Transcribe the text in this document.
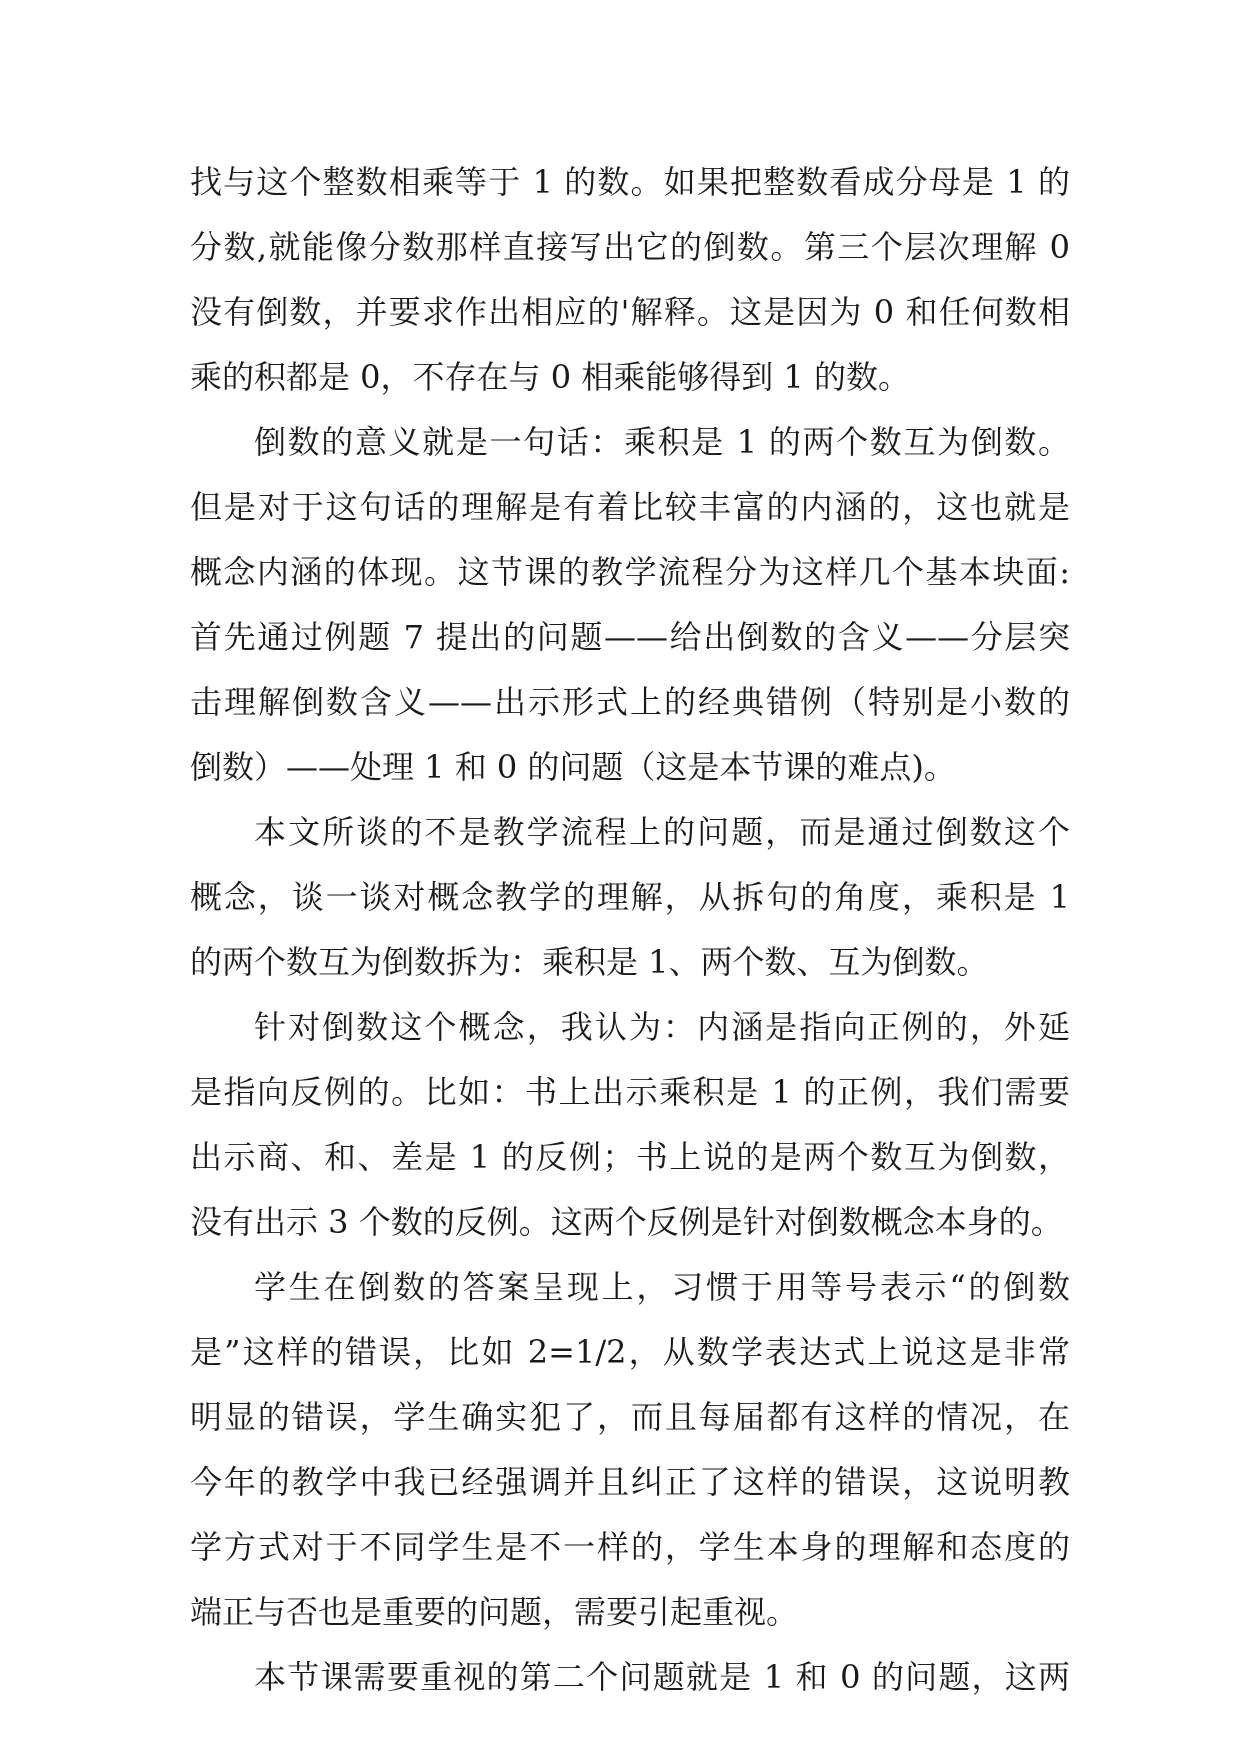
找与这个整数相乘等于 1 的数。如果把整数看成分母是 1 的
分数,就能像分数那样直接写出它的倒数。第三个层次理解 0
没有倒数，并要求作出相应的'解释。这是因为 0 和任何数相
乘的积都是 0，不存在与 0 相乘能够得到 1 的数。
倒数的意义就是一句话：乘积是 1 的两个数互为倒数。
但是对于这句话的理解是有着比较丰富的内涵的，这也就是
概念内涵的体现。这节课的教学流程分为这样几个基本块面:
首先通过例题 7 提出的问题——给出倒数的含义——分层突
击理解倒数含义——出示形式上的经典错例（特别是小数的
倒数）——处理 1 和 0 的问题（这是本节课的难点)。
本文所谈的不是教学流程上的问题，而是通过倒数这个
概念，谈一谈对概念教学的理解，从拆句的角度，乘积是 1
的两个数互为倒数拆为：乘积是 1、两个数、互为倒数。
针对倒数这个概念，我认为：内涵是指向正例的，外延
是指向反例的。比如：书上出示乘积是 1 的正例，我们需要
出示商、和、差是 1 的反例；书上说的是两个数互为倒数，
没有出示 3 个数的反例。这两个反例是针对倒数概念本身的。
学生在倒数的答案呈现上，习惯于用等号表示“的倒数
是”这样的错误，比如 2=1/2，从数学表达式上说这是非常
明显的错误，学生确实犯了，而且每届都有这样的情况，在
今年的教学中我已经强调并且纠正了这样的错误，这说明教
学方式对于不同学生是不一样的，学生本身的理解和态度的
端正与否也是重要的问题，需要引起重视。
本节课需要重视的第二个问题就是 1 和 0 的问题，这两
